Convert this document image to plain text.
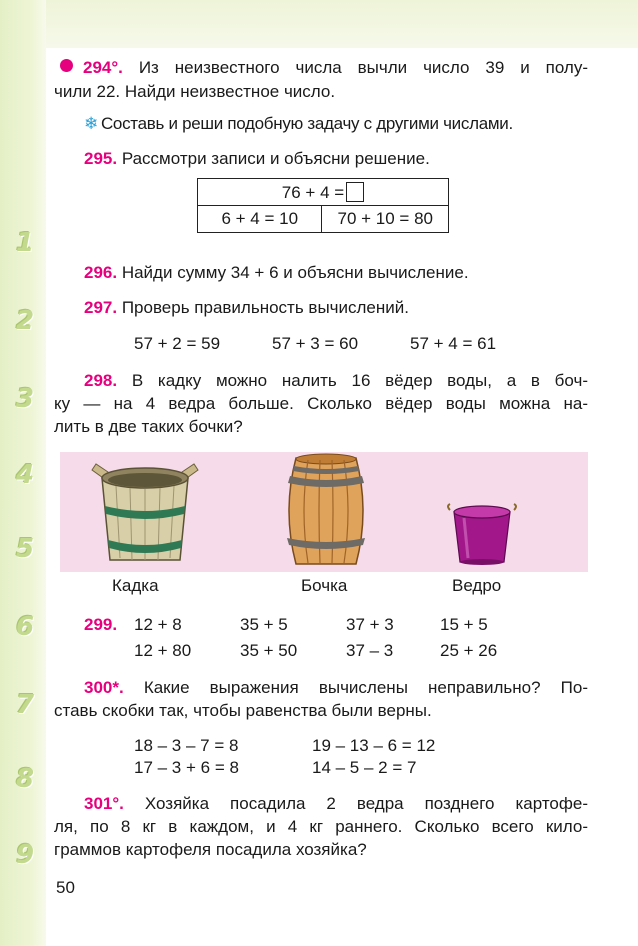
1
2
3
4
5
6
7
8
9
294°. Из неизвестного числа вычли число 39 и полу-
чили 22. Найди неизвестное число.
❄ Составь и реши подобную задачу с другими числами.
295. Рассмотри записи и объясни решение.
76 + 4 =
6 + 4 = 10	70 + 10 = 80
296. Найди сумму 34 + 6 и объясни вычисление.
297. Проверь правильность вычислений.
57 + 2 = 59	57 + 3 = 60	57 + 4 = 61
298. В кадку можно налить 16 вёдер воды, а в боч-
ку — на 4 ведра больше. Сколько вёдер воды можна на-
лить в две таких бочки?
Кадка	Бочка	Ведро
299. 12 + 8	35 + 5	37 + 3	15 + 5
12 + 80	35 + 50	37 – 3	25 + 26
300*. Какие выражения вычислены неправильно? По-
ставь скобки так, чтобы равенства были верны.
18 – 3 – 7 = 8	19 – 13 – 6 = 12
17 – 3 + 6 = 8	14 – 5 – 2 = 7
301°. Хозяйка посадила 2 ведра позднего картофе-
ля, по 8 кг в каждом, и 4 кг раннего. Сколько всего кило-
граммов картофеля посадила хозяйка?
50
